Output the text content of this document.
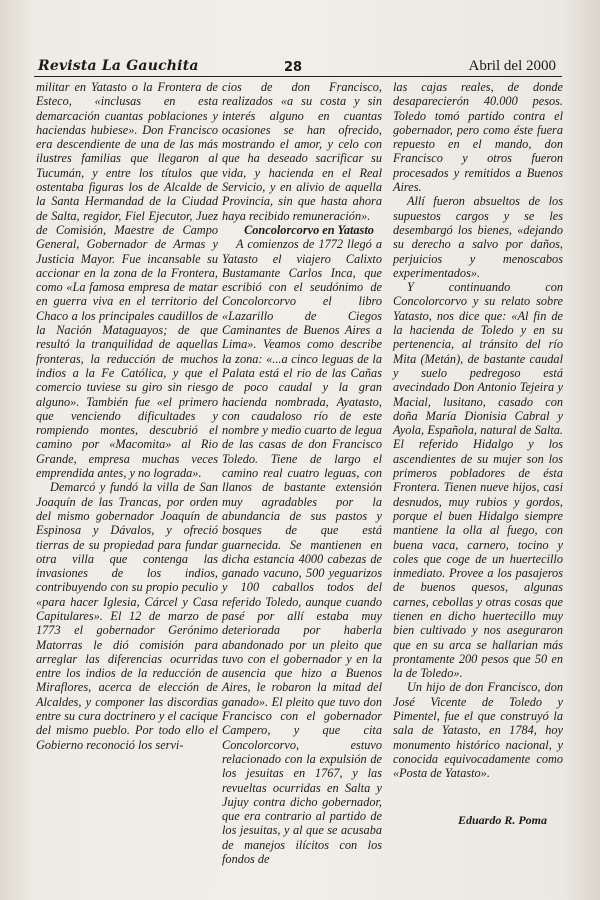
Revista La Gauchita	28	Abril del 2000

militar en Yatasto o la Frontera de Esteco, «inclusas en esta demarcación cuantas poblaciones y haciendas hubiese». Don Francisco era descendiente de una de las más ilustres familias que llegaron al Tucumán, y entre los títulos que ostentaba figuras los de Alcalde de la Santa Hermandad de la Ciudad de Salta, regidor, Fiel Ejecutor, Juez de Comisión, Maestre de Campo General, Gobernador de Armas y Justicia Mayor. Fue incansable su accionar en la zona de la Frontera, como «La famosa empresa de matar en guerra viva en el territorio del Chaco a los principales caudillos de la Nación Mataguayos; de que resultó la tranquilidad de aquellas fronteras, la reducción de muchos indios a la Fe Católica, y que el comercio tuviese su giro sin riesgo alguno». También fue «el primero que venciendo dificultades y rompiendo montes, descubrió el camino por «Macomita» al Rio Grande, empresa muchas veces emprendida antes, y no lograda».

Demarcó y fundó la villa de San Joaquín de las Trancas, por orden del mismo gobernador Joaquín de Espinosa y Dávalos, y ofreció tierras de su propiedad para fundar otra villa que contenga las invasiones de los indios, contribuyendo con su propio peculio «para hacer Iglesia, Cárcel y Casa Capitulares». El 12 de marzo de 1773 el gobernador Gerónimo Matorras le dió comisión para arreglar las diferencias ocurridas entre los indios de la reducción de Miraflores, acerca de elección de Alcaldes, y componer las discordias entre su cura doctrinero y el cacique del mismo pueblo. Por todo ello el Gobierno reconoció los servi-

cios de don Francisco, realizados «a su costa y sin interés alguno en cuantas ocasiones se han ofrecido, mostrando el amor, y celo con que ha deseado sacrificar su vida, y hacienda en el Real Servicio, y en alivio de aquella Provincia, sin que hasta ahora haya recibido remuneración».

Concolorcorvo en Yatasto

A comienzos de 1772 llegó a Yatasto el viajero Calixto Bustamante Carlos Inca, que escribió con el seudónimo de Concolorcorvo el libro «Lazarillo de Ciegos Caminantes de Buenos Aires a Lima». Veamos como describe la zona: «...a cinco leguas de la Palata está el rio de las Cañas de poco caudal y la gran hacienda nombrada, Ayatasto, con caudaloso río de este nombre y medio cuarto de legua de las casas de don Francisco Toledo. Tiene de largo el camino real cuatro leguas, con llanos de bastante extensión muy agradables por la abundancia de sus pastos y bosques de que está guarnecida. Se mantienen en dicha estancia 4000 cabezas de ganado vacuno, 500 yeguarizos y 100 caballos todos del referido Toledo, aunque cuando pasé por allí estaba muy deteriorada por haberla abandonado por un pleito que tuvo con el gobernador y en la ausencia que hizo a Buenos Aires, le robaron la mitad del ganado». El pleito que tuvo don Francisco con el gobernador Campero, y que cita Concolorcorvo, estuvo relacionado con la expulsión de los jesuitas en 1767, y las revueltas ocurridas en Salta y Jujuy contra dicho gobernador, que era contrario al partido de los jesuitas, y al que se acusaba de manejos ilícitos con los fondos de

las cajas reales, de donde desaparecierón 40.000 pesos. Toledo tomó partido contra el gobernador, pero como éste fuera repuesto en el mando, don Francisco y otros fueron procesados y remitidos a Buenos Aires.

Allí fueron absueltos de los supuestos cargos y se les desembargó los bienes, «dejando su derecho a salvo por daños, perjuicios y menoscabos experimentados».

Y continuando con Concolorcorvo y su relato sobre Yatasto, nos dice que: «Al fin de la hacienda de Toledo y en su pertenencia, al tránsito del río Mita (Metán), de bastante caudal y suelo pedregoso está avecindado Don Antonio Tejeira y Macial, lusitano, casado con doña María Dionisia Cabral y Ayola, Española, natural de Salta. El referido Hidalgo y los ascendientes de su mujer son los primeros pobladores de ésta Frontera. Tienen nueve hijos, casi desnudos, muy rubios y gordos, porque el buen Hidalgo siempre mantiene la olla al fuego, con buena vaca, carnero, tocino y coles que coge de un huertecillo inmediato. Provee a los pasajeros de buenos quesos, algunas carnes, cebollas y otras cosas que tienen en dicho huertecillo muy bien cultivado y nos aseguraron que en su arca se hallarian más prontamente 200 pesos que 50 en la de Toledo».

Un hijo de don Francisco, don José Vicente de Toledo y Pimentel, fue el que construyó la sala de Yatasto, en 1784, hoy monumento histórico nacional, y conocida equivocadamente como «Posta de Yatasto».

Eduardo R. Poma
